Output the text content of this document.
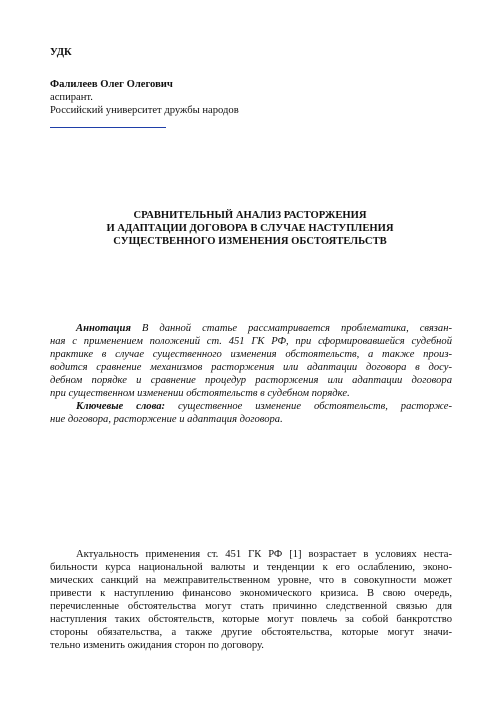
УДК
Фалилеев Олег Олегович
аспирант.
Российский университет дружбы народов
СРАВНИТЕЛЬНЫЙ АНАЛИЗ РАСТОРЖЕНИЯ
И АДАПТАЦИИ ДОГОВОРА В СЛУЧАЕ НАСТУПЛЕНИЯ
СУЩЕСТВЕННОГО ИЗМЕНЕНИЯ ОБСТОЯТЕЛЬСТВ
Аннотация В данной статье рассматривается проблематика, связан-
ная с применением положений ст. 451 ГК РФ, при сформировавшейся судебной
практике в случае существенного изменения обстоятельств, а также произ-
водится сравнение механизмов расторжения или адаптации договора в досу-
дебном порядке и сравнение процедур расторжения или адаптации договора
при существенном изменении обстоятельств в судебном порядке.
Ключевые слова: существенное изменение обстоятельств, расторже-
ние договора, расторжение и адаптация договора.
Актуальность применения ст. 451 ГК РФ [1] возрастает в условиях неста-
бильности курса национальной валюты и тенденции к его ослаблению, эконо-
мических санкций на межправительственном уровне, что в совокупности может
привести к наступлению финансово экономического кризиса. В свою очередь,
перечисленные обстоятельства могут стать причинно следственной связью для
наступления таких обстоятельств, которые могут повлечь за собой банкротство
стороны обязательства, а также другие обстоятельства, которые могут значи-
тельно изменить ожидания сторон по договору.
